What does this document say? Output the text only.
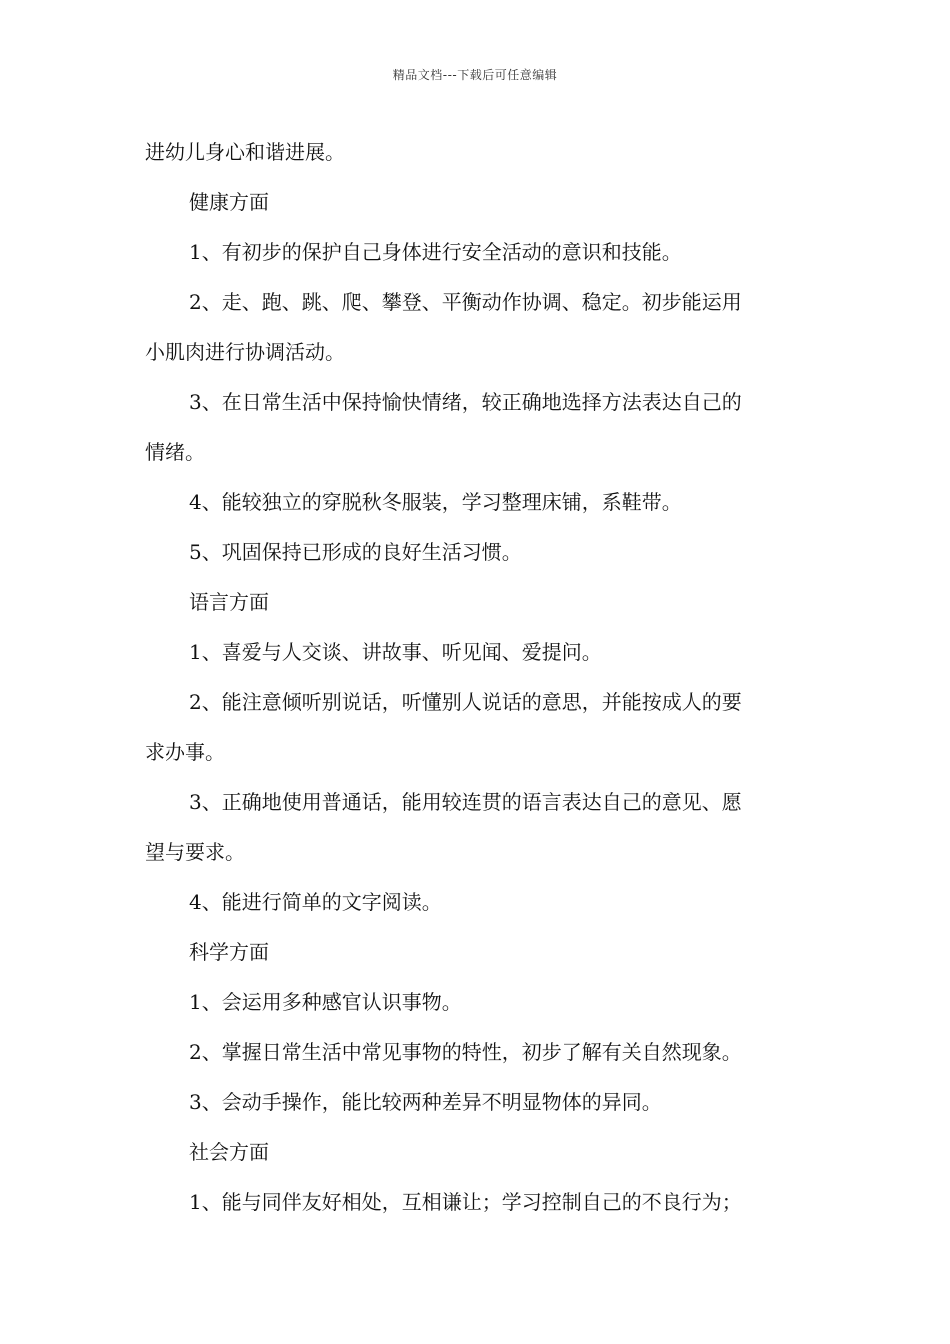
精品文档---下载后可任意编辑
进幼儿身心和谐进展。
健康方面
1、有初步的保护自己身体进行安全活动的意识和技能。
2、走、跑、跳、爬、攀登、平衡动作协调、稳定。初步能运用
小肌肉进行协调活动。
3、在日常生活中保持愉快情绪，较正确地选择方法表达自己的
情绪。
4、能较独立的穿脱秋冬服装，学习整理床铺，系鞋带。
5、巩固保持已形成的良好生活习惯。
语言方面
1、喜爱与人交谈、讲故事、听见闻、爱提问。
2、能注意倾听别说话，听懂别人说话的意思，并能按成人的要
求办事。
3、正确地使用普通话，能用较连贯的语言表达自己的意见、愿
望与要求。
4、能进行简单的文字阅读。
科学方面
1、会运用多种感官认识事物。
2、掌握日常生活中常见事物的特性，初步了解有关自然现象。
3、会动手操作，能比较两种差异不明显物体的异同。
社会方面
1、能与同伴友好相处，互相谦让；学习控制自己的不良行为；
